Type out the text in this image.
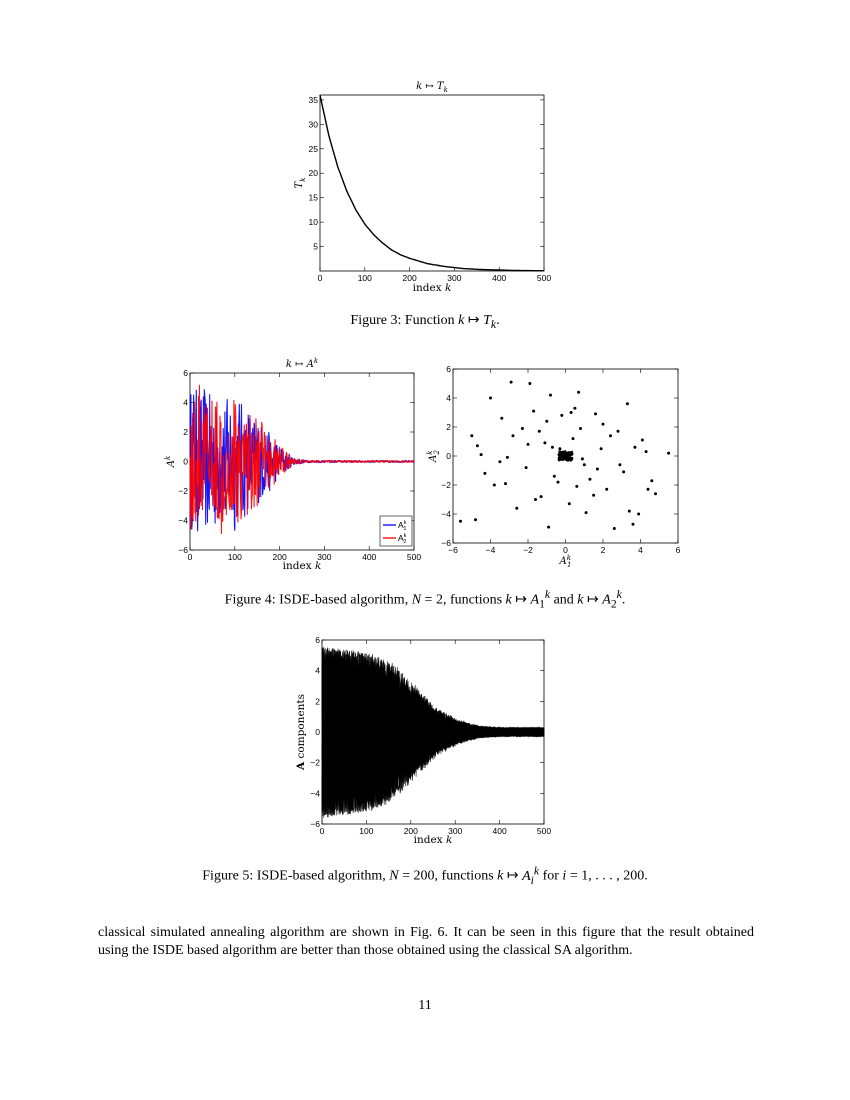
0	100	200	300	400	500
5
10
15
20
25
30
35
k ↦ $T_k$
index k
$T_k$
Figure 3: Function k ↦ $T_k$.
0	100	200	300	400	500
−6
−4
−2
0
2
4
6
$A^k$ 1
$A^k$ 2
k ↦ $A^k$
index k
$A^k$
−6	−4	−2	0	2	4	6
−6
−4
−2
0
2
4
6
$A^k$ 1
$A^k2$
Figure 4: ISDE-based algorithm, N = 2, functions k ↦ $A_1^k$ and k ↦ $A_2^k$.
0	100	200	300	400	500
−6
−4
−2
0
2
4
6
index k
A components
Figure 5: ISDE-based algorithm, N = 200, functions k ↦ $A_i^k$ for i = 1, . . . , 200.
classical simulated annealing algorithm are shown in Fig. 6. It can be seen in this figure that the result obtained using the ISDE based algorithm are better than those obtained using the classical SA algorithm.
11
